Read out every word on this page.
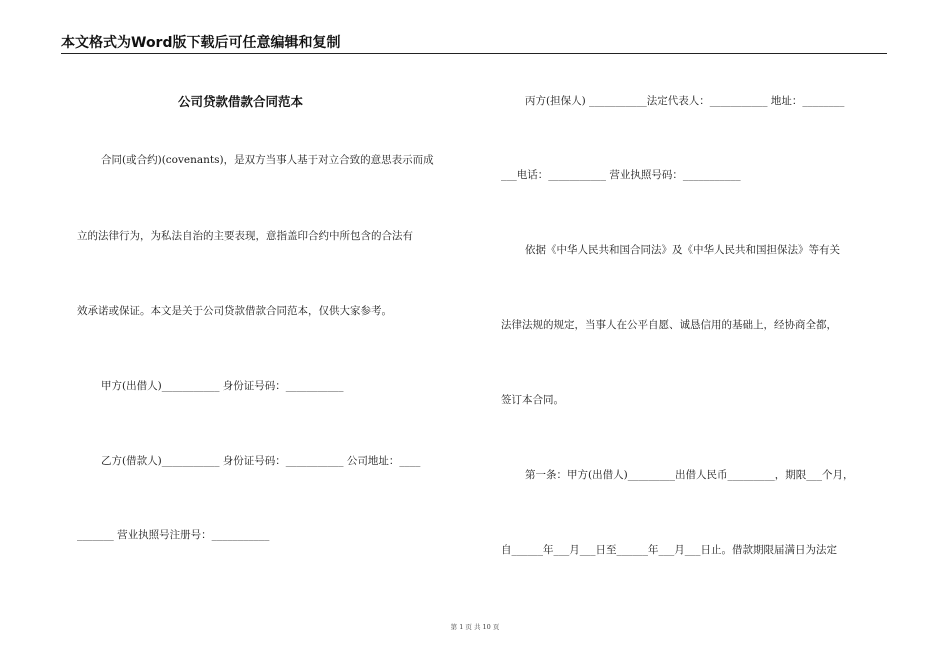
本文格式为Word版下载后可任意编辑和复制
公司贷款借款合同范本
合同(或合约)(covenants)，是双方当事人基于对立合致的意思表示而成
立的法律行为，为私法自治的主要表现，意指盖印合约中所包含的合法有
效承诺或保证。本文是关于公司贷款借款合同范本，仅供大家参考。
甲方(出借人)___________ 身份证号码：___________
乙方(借款人)___________ 身份证号码：___________ 公司地址：____
_______ 营业执照号注册号：___________
丙方(担保人) ___________法定代表人：___________ 地址：________
___电话：___________ 营业执照号码：___________
依据《中华人民共和国合同法》及《中华人民共和国担保法》等有关
法律法规的规定，当事人在公平自愿、诚恳信用的基础上，经协商全都，
签订本合同。
第一条：甲方(出借人)_________出借人民币_________，期限___个月，
自______年___月___日至______年___月___日止。借款期限届满日为法定
第 1 页 共 10 页
